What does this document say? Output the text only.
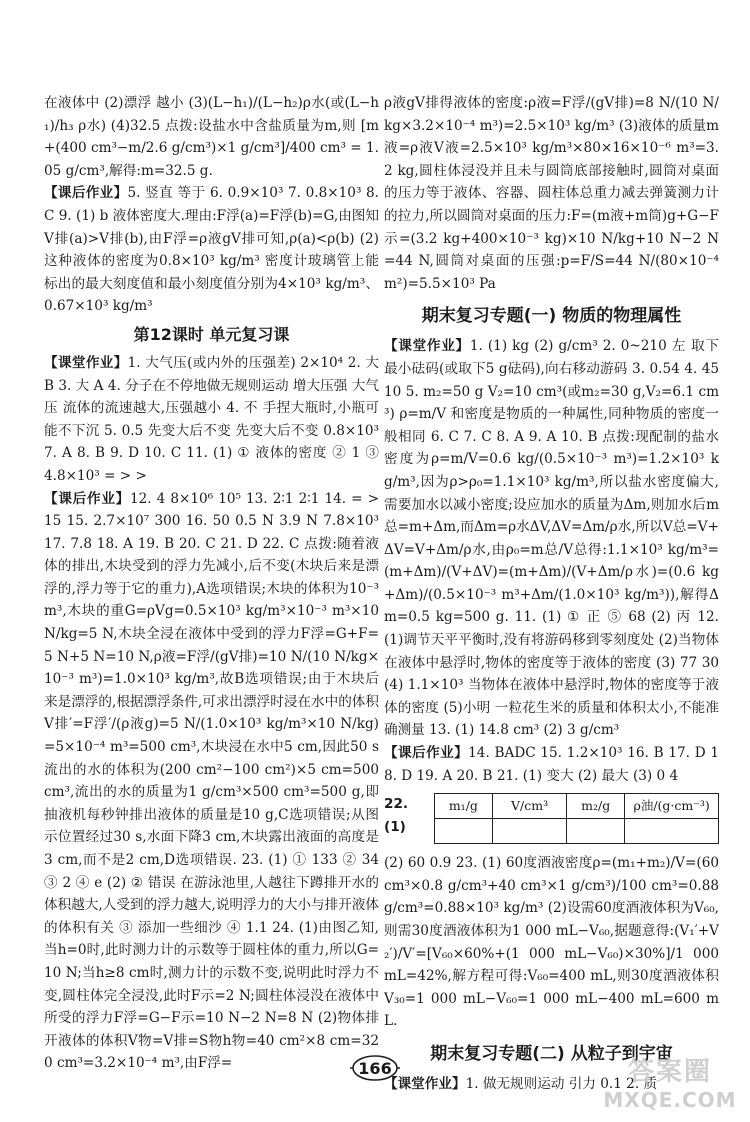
在液体中 (2)漂浮 越小 (3)(L−h₁)/(L−h₂)ρ水(或(L−h₁)/h₃ ρ水) (4)32.5 点拨:设盐水中含盐质量为m,则 [m+(400 cm³−m/2.6 g/cm³)×1 g/cm³]/400 cm³ = 1.05 g/cm³,解得:m=32.5 g.

【课后作业】5. 竖直 等于 6. 0.9×10³ 7. 0.8×10³ 8. C 9. (1) b 液体密度大.理由:F浮(a)=F浮(b)=G,由图知V排(a)>V排(b),由F浮=ρ液gV排可知,ρ(a)<ρ(b) (2)这种液体的密度为0.8×10³ kg/m³ 密度计玻璃管上能标出的最大刻度值和最小刻度值分别为4×10³ kg/m³、0.67×10³ kg/m³

第12课时 单元复习课

【课堂作业】1. 大气压(或内外的压强差) 2×10⁴ 2. 大 B 3. 大 A 4. 分子在不停地做无规则运动 增大压强 大气压 流体的流速越大,压强越小 4. 不 手捏大瓶时,小瓶可能不下沉 5. 0.5 先变大后不变 先变大后不变 0.8×10³ 7. A 8. B 9. D 10. C 11. (1) ① 液体的密度 ② 1 ③ 4.8×10³ = > >

【课后作业】12. 4 8×10⁶ 10⁵ 13. 2∶1 2∶1 14. = > 15 15. 2.7×10⁷ 300 16. 50 0.5 N 3.9 N 7.8×10³ 17. 7.8 18. A 19. B 20. C 21. D 22. C 点拨:随着液体的排出,木块受到的浮力先减小,后不变(木块后来是漂浮的,浮力等于它的重力),A选项错误;木块的体积为10⁻³ m³,木块的重G=ρVg=0.5×10³ kg/m³×10⁻³ m³×10 N/kg=5 N,木块全浸在液体中受到的浮力F浮=G+F=5 N+5 N=10 N,ρ液=F浮/(gV排)=10 N/(10 N/kg×10⁻³ m³)=1.0×10³ kg/m³,故B选项错误;由于木块后来是漂浮的,根据漂浮条件,可求出漂浮时浸在水中的体积V排′=F浮′/(ρ液g)=5 N/(1.0×10³ kg/m³×10 N/kg)=5×10⁻⁴ m³=500 cm³,木块浸在水中5 cm,因此50 s流出的水的体积为(200 cm²−100 cm²)×5 cm=500 cm³,流出的水的质量为1 g/cm³×500 cm³=500 g,即抽液机每秒钟排出液体的质量是10 g,C选项错误;从图示位置经过30 s,水面下降3 cm,木块露出液面的高度是3 cm,而不是2 cm,D选项错误. 23. (1) ① 133 ② 34 ③ 2 ④ e (2) ② 错误 在游泳池里,人越往下蹲排开水的体积越大,人受到的浮力越大,说明浮力的大小与排开液体的体积有关 ③ 添加一些细沙 ④ 1.1 24. (1)由图乙知,当h=0时,此时测力计的示数等于圆柱体的重力,所以G=10 N;当h≥8 cm时,测力计的示数不变,说明此时浮力不变,圆柱体完全浸没,此时F示=2 N;圆柱体浸没在液体中所受的浮力F浮=G−F示=10 N−2 N=8 N (2)物体排开液体的体积V物=V排=S物h物=40 cm²×8 cm=320 cm³=3.2×10⁻⁴ m³,由F浮=

ρ液gV排得液体的密度:ρ液=F浮/(gV排)=8 N/(10 N/kg×3.2×10⁻⁴ m³)=2.5×10³ kg/m³ (3)液体的质量m液=ρ液V液=2.5×10³ kg/m³×80×16×10⁻⁶ m³=3.2 kg,圆柱体浸没并且未与圆筒底部接触时,圆筒对桌面的压力等于液体、容器、圆柱体总重力减去弹簧测力计的拉力,所以圆筒对桌面的压力:F=(m液+m筒)g+G−F示=(3.2 kg+400×10⁻³ kg)×10 N/kg+10 N−2 N=44 N,圆筒对桌面的压强:p=F/S=44 N/(80×10⁻⁴ m²)=5.5×10³ Pa

期末复习专题(一) 物质的物理属性

【课堂作业】1. (1) kg (2) g/cm³ 2. 0~210 左 取下最小砝码(或取下5 g砝码),向右移动游码 3. 0.54 4. 45 10 5. m₂=50 g V₂=10 cm³(或m₂=30 g,V₂=6.1 cm³) ρ=m/V 和密度是物质的一种属性,同种物质的密度一般相同 6. C 7. C 8. A 9. A 10. B 点拨:现配制的盐水密度为ρ=m/V=0.6 kg/(0.5×10⁻³ m³)=1.2×10³ kg/m³,因为ρ>ρ₀=1.1×10³ kg/m³,所以盐水密度偏大,需要加水以减小密度;设应加水的质量为Δm,则加水后m总=m+Δm,而Δm=ρ水ΔV,ΔV=Δm/ρ水,所以V总=V+ΔV=V+Δm/ρ水,由ρ₀=m总/V总得:1.1×10³ kg/m³=(m+Δm)/(V+ΔV)=(m+Δm)/(V+Δm/ρ水)=(0.6 kg+Δm)/(0.5×10⁻³ m³+Δm/(1.0×10³ kg/m³)),解得Δm=0.5 kg=500 g. 11. (1) ① 正 ⑤ 68 (2) 丙 12. (1)调节天平平衡时,没有将游码移到零刻度处 (2)当物体在液体中悬浮时,物体的密度等于液体的密度 (3) 77 30 (4) 1.1×10³ 当物体在液体中悬浮时,物体的密度等于液体的密度 (5)小明 一粒花生米的质量和体积太小,不能准确测量 13. (1) 14.8 cm³ (2) 3 g/cm³

【课后作业】14. BADC 15. 1.2×10³ 16. B 17. D 18. D 19. A 20. B 21. (1) 变大 (2) 最大 (3) 0 4

22. (1)
m₁/g	V/cm³	m₂/g	ρ油/(g·cm⁻³)

(2) 60 0.9 23. (1) 60度酒液密度ρ=(m₁+m₂)/V=(60 cm³×0.8 g/cm³+40 cm³×1 g/cm³)/100 cm³=0.88 g/cm³=0.88×10³ kg/m³ (2)设需60度酒液体积为V₆₀,则需30度酒液体积为1 000 mL−V₆₀,据题意得:(V₁′+V₂′)/V′=[V₆₀×60%+(1 000 mL−V₆₀)×30%]/1 000 mL=42%,解方程可得:V₆₀=400 mL,则30度酒液体积V₃₀=1 000 mL−V₆₀=1 000 mL−400 mL=600 mL.

期末复习专题(二) 从粒子到宇宙

【课堂作业】1. 做无规则运动 引力 0.1 2. 质

166	答案圈
MXQE.COM
